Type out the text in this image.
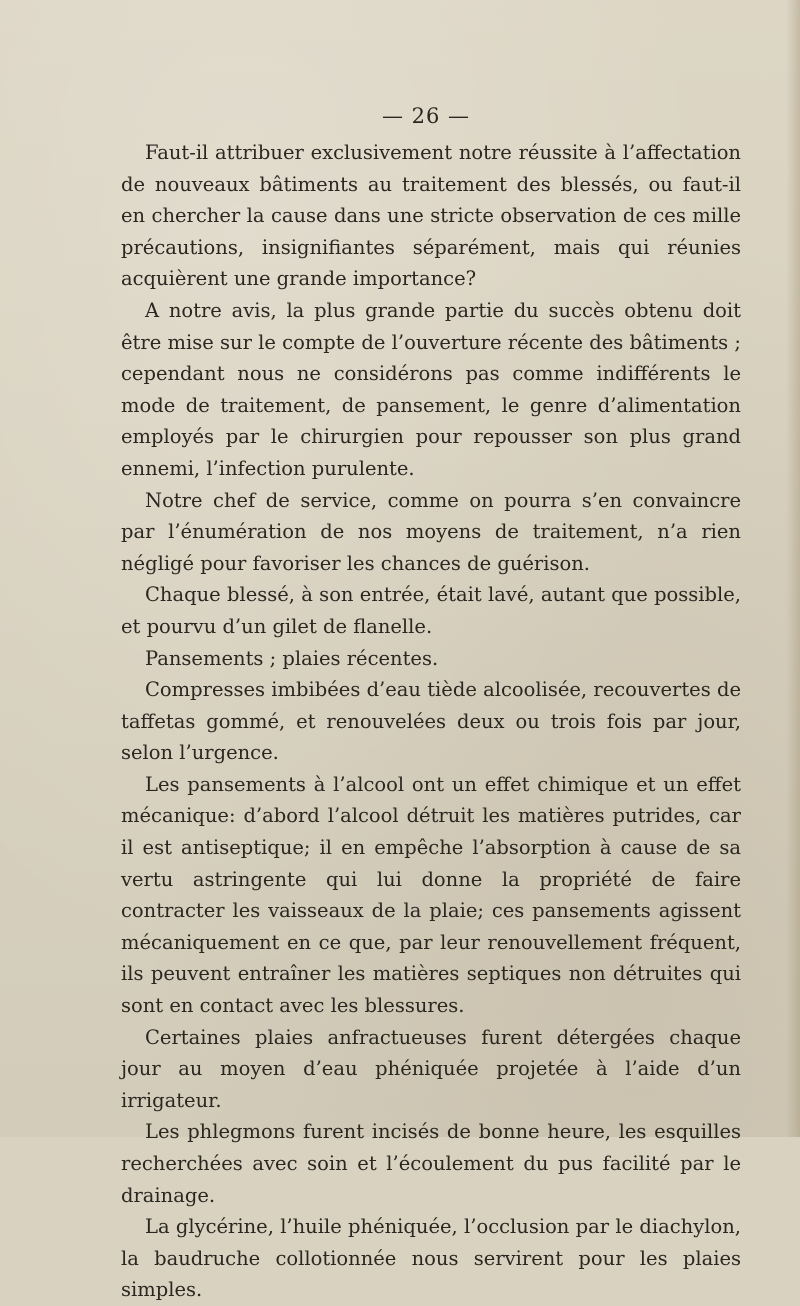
— 26 —

Faut-il attribuer exclusivement notre réussite à l’affectation de nouveaux bâtiments au traitement des blessés, ou faut-il en chercher la cause dans une stricte observation de ces mille précautions, insignifiantes séparément, mais qui réunies acquièrent une grande importance?

A notre avis, la plus grande partie du succès obtenu doit être mise sur le compte de l’ouverture récente des bâtiments ; cependant nous ne considérons pas comme indifférents le mode de traitement, de pansement, le genre d’alimentation employés par le chirurgien pour repousser son plus grand ennemi, l’infection purulente.

Notre chef de service, comme on pourra s’en convaincre par l’énumération de nos moyens de traitement, n’a rien négligé pour favoriser les chances de guérison.

Chaque blessé, à son entrée, était lavé, autant que possible, et pourvu d’un gilet de flanelle.

Pansements ; plaies récentes.

Compresses imbibées d’eau tiède alcoolisée, recouvertes de taffetas gommé, et renouvelées deux ou trois fois par jour, selon l’urgence.

Les pansements à l’alcool ont un effet chimique et un effet mécanique: d’abord l’alcool détruit les matières putrides, car il est antiseptique; il en empêche l’absorption à cause de sa vertu astringente qui lui donne la propriété de faire contracter les vaisseaux de la plaie; ces pansements agissent mécaniquement en ce que, par leur renouvellement fréquent, ils peuvent entraîner les matières septiques non détruites qui sont en contact avec les blessures.

Certaines plaies anfractueuses furent détergées chaque jour au moyen d’eau phéniquée projetée à l’aide d’un irrigateur.

Les phlegmons furent incisés de bonne heure, les esquilles recherchées avec soin et l’écoulement du pus facilité par le drainage.

La glycérine, l’huile phéniquée, l’occlusion par le diachylon, la baudruche collotionnée nous servirent pour les plaies simples.
